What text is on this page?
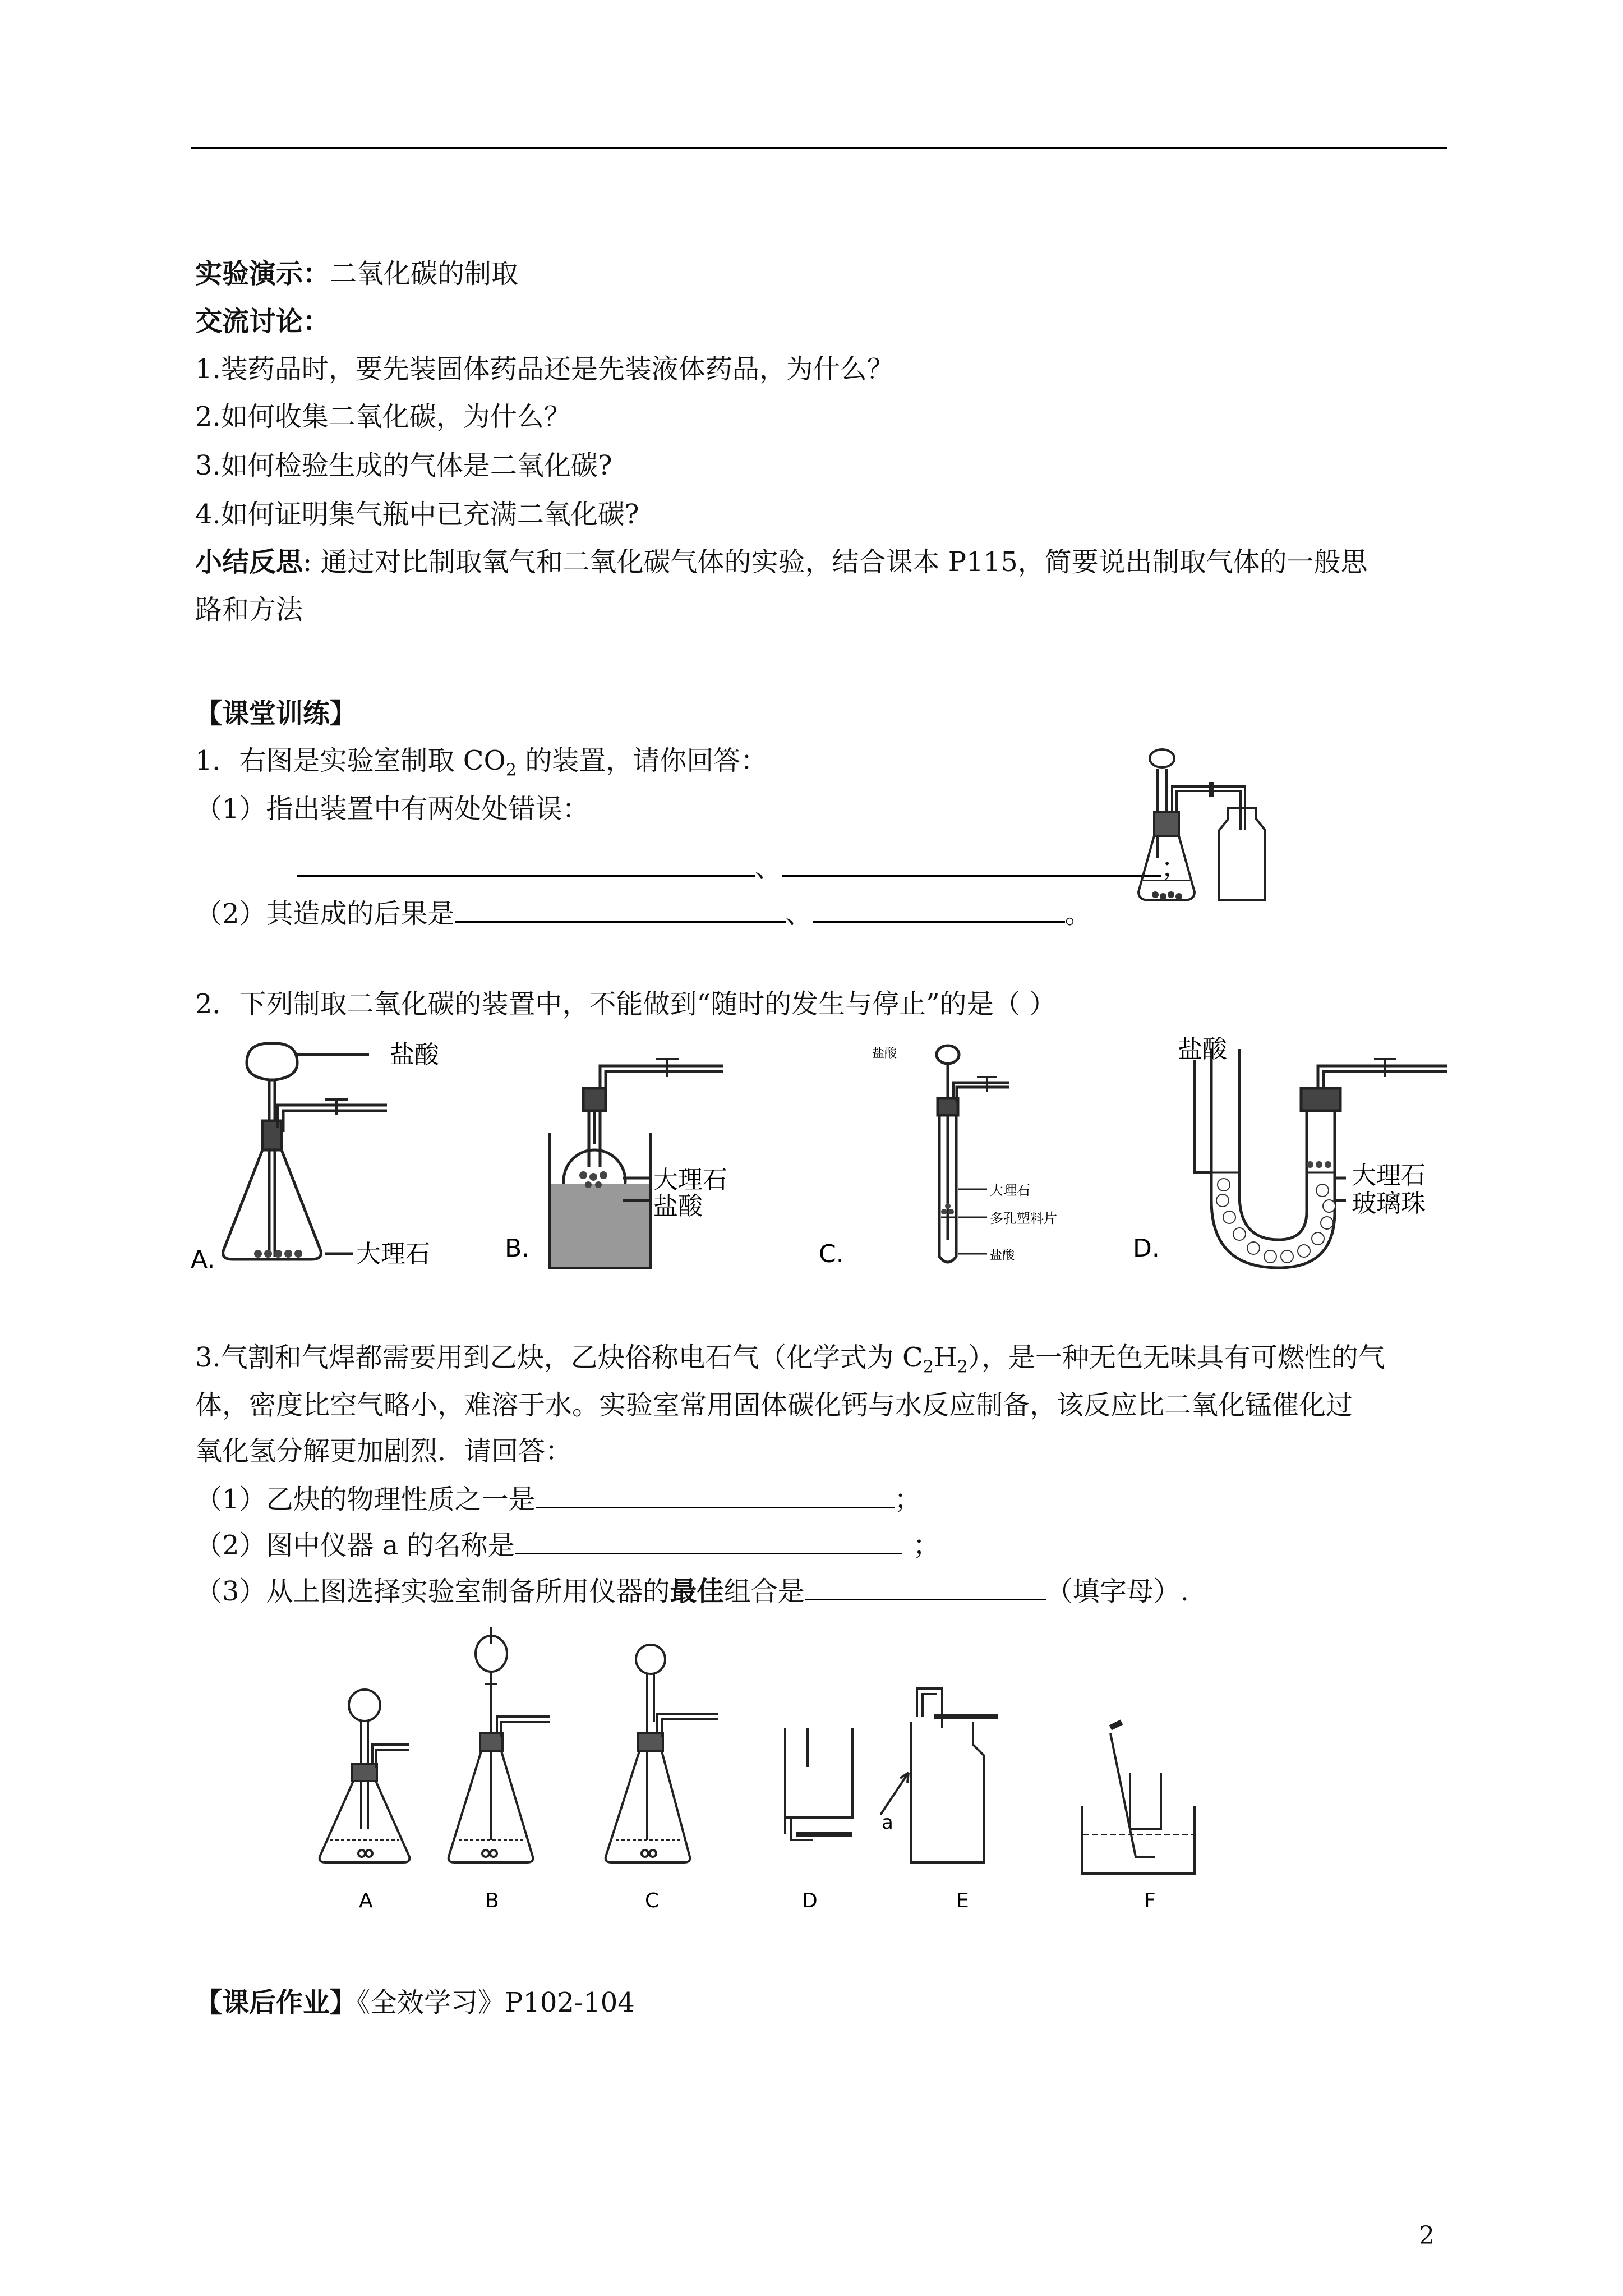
实验演示：二氧化碳的制取
交流讨论：
1.装药品时，要先装固体药品还是先装液体药品，为什么？
2.如何收集二氧化碳，为什么？
3.如何检验生成的气体是二氧化碳?
4.如何证明集气瓶中已充满二氧化碳?
小结反思: 通过对比制取氧气和二氧化碳气体的实验，结合课本 P115，简要说出制取气体的一般思
路和方法
【课堂训练】
1．右图是实验室制取 $CO_2$ 的装置，请你回答：
（1）指出装置中有两处处错误：
、	；
（2）其造成的后果是	、	。
2．下列制取二氧化碳的装置中，不能做到“随时的发生与停止”的是（ ）
盐酸
大理石
A.
大理石
盐酸
B.
盐酸
大理石
多孔塑料片
盐酸
C.
盐酸
大理石
玻璃珠
D.
3.气割和气焊都需要用到乙炔，乙炔俗称电石气（化学式为 $C_2H_2$），是一种无色无味具有可燃性的气
体，密度比空气略小，难溶于水。实验室常用固体碳化钙与水反应制备，该反应比二氧化锰催化过
氧化氢分解更加剧烈．请回答：
（1）乙炔的物理性质之一是	；
（2）图中仪器 a 的名称是	；
（3）从上图选择实验室制备所用仪器的最佳组合是	（填字母）.
A	B	C	D	E	F
a
【课后作业】《全效学习》P102-104
2
